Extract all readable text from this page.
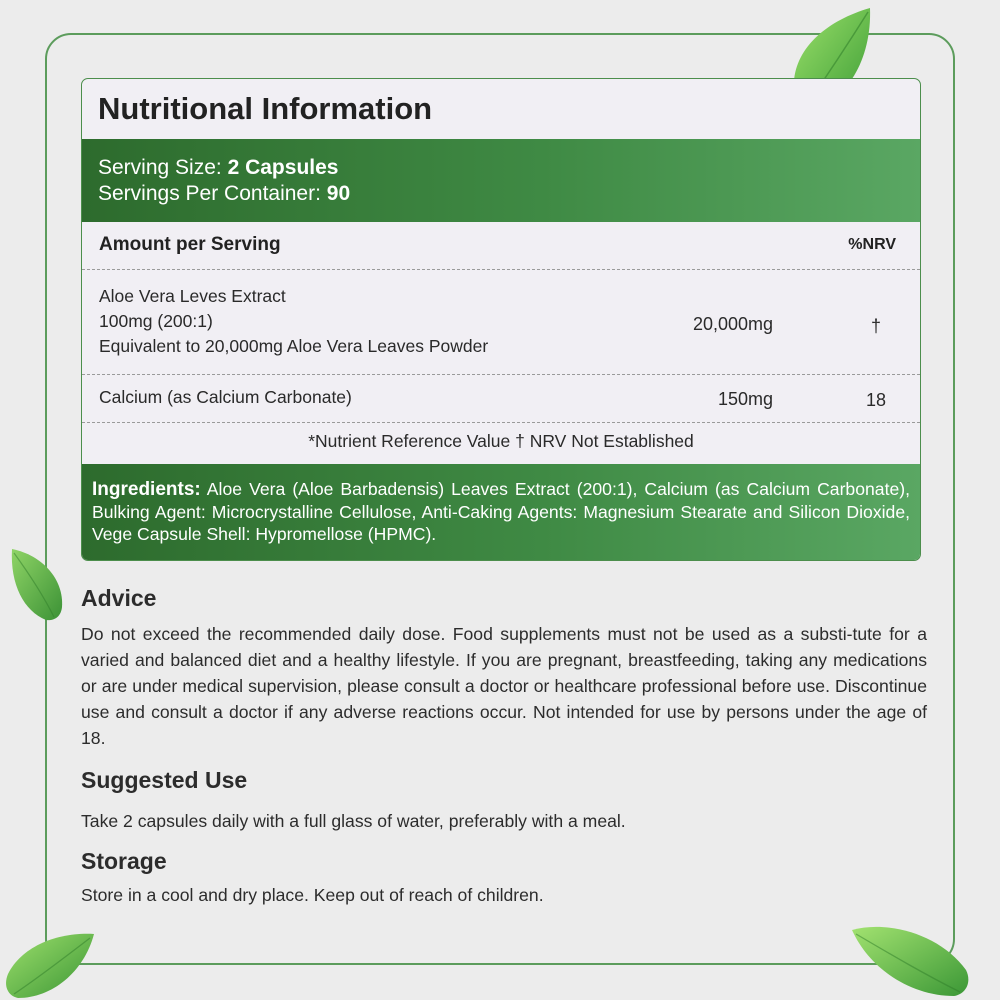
Nutritional Information
Serving Size: 2 Capsules
Servings Per Container: 90
Amount per Serving	%NRV
Aloe Vera Leves Extract
100mg (200:1)
Equivalent to 20,000mg Aloe Vera Leaves Powder
20,000mg	†
Calcium (as Calcium Carbonate)	150mg	18
*Nutrient Reference Value † NRV Not Established
Ingredients: Aloe Vera (Aloe Barbadensis) Leaves Extract (200:1), Calcium (as Calcium Carbonate), Bulking Agent: Microcrystalline Cellulose, Anti-Caking Agents: Magnesium Stearate and Silicon Dioxide, Vege Capsule Shell: Hypromellose (HPMC).
Advice

Do not exceed the recommended daily dose. Food supplements must not be used as a substi-tute for a varied and balanced diet and a healthy lifestyle. If you are pregnant, breastfeeding, taking any medications or are under medical supervision, please consult a doctor or healthcare professional before use. Discontinue use and consult a doctor if any adverse reactions occur. Not intended for use by persons under the age of 18.

Suggested Use

Take 2 capsules daily with a full glass of water, preferably with a meal.

Storage

Store in a cool and dry place. Keep out of reach of children.
